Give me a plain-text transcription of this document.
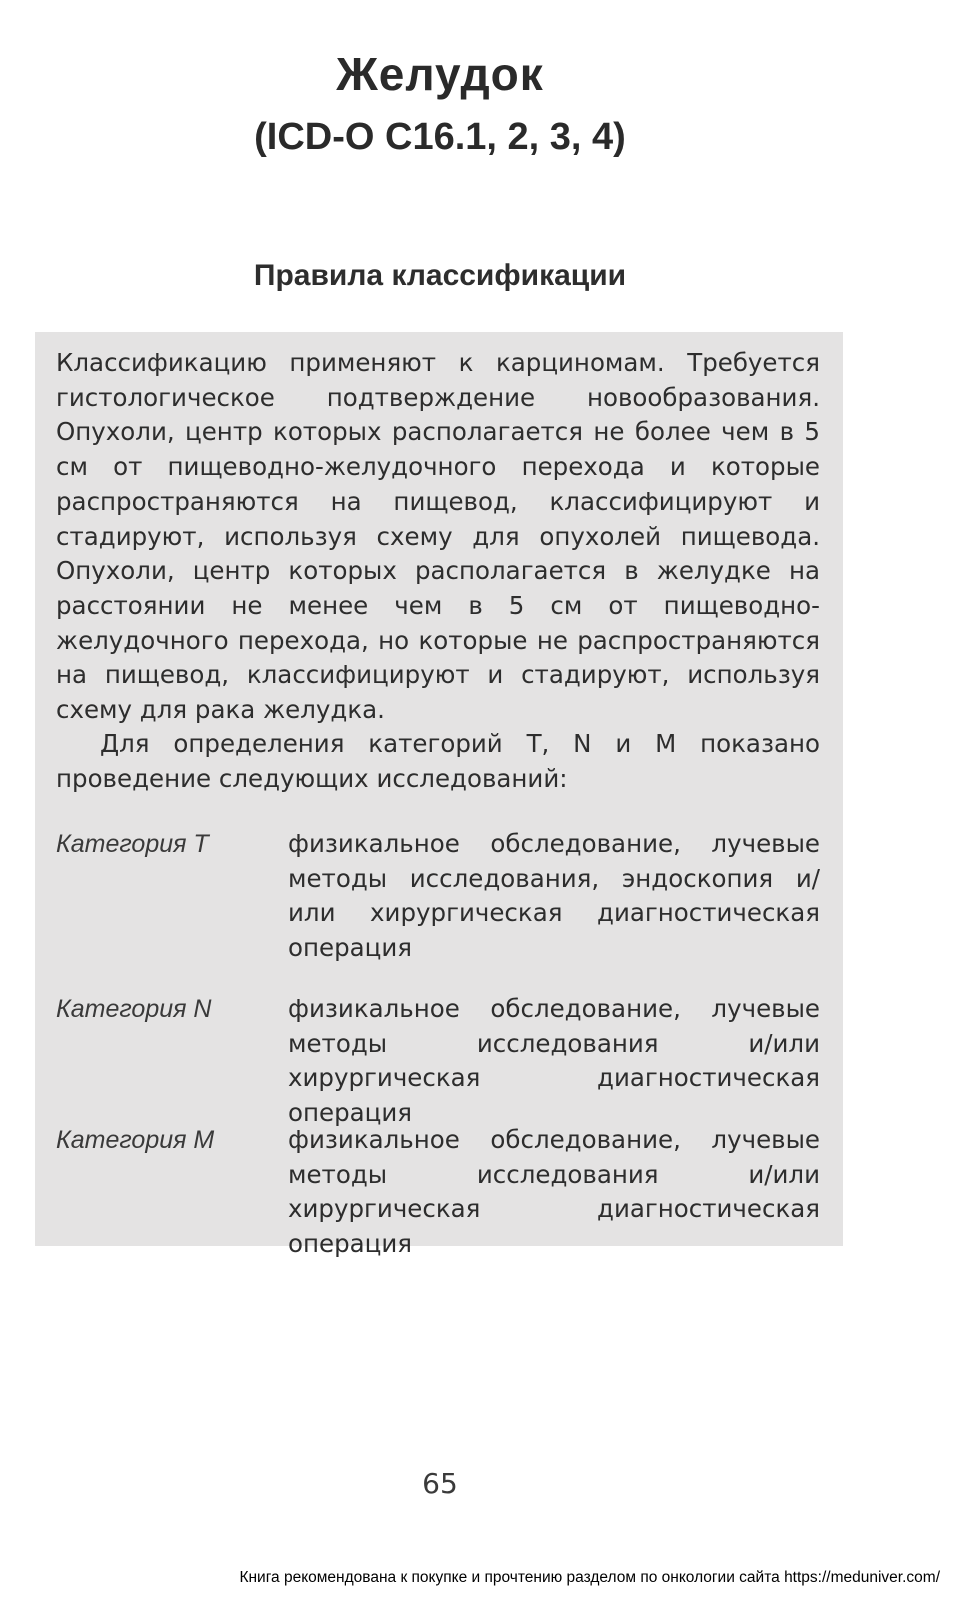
Желудок
(ICD-O C16.1, 2, 3, 4)
Правила классификации

Классификацию применяют к карциномам. Требуется гистологическое подтверждение новообразования. Опухоли, центр которых располагается не более чем в 5 см от пищеводно-желудочного перехода и которые распространяются на пищевод, классифицируют и стадируют, используя схему для опухолей пищевода. Опухоли, центр которых располагается в желудке на расстоянии не менее чем в 5 см от пищеводно-желудочного перехода, но которые не распространяются на пищевод, классифицируют и стадируют, используя схему для рака желудка.

Для определения категорий T, N и M показано проведение следующих исследований:

Категория T	физикальное обследование, лучевые методы исследования, эндоскопия и/или хирургическая диагностическая операция

Категория N	физикальное обследование, лучевые методы исследования и/или хирургическая диагностическая операция

Категория M	физикальное обследование, лучевые методы исследования и/или хирургическая диагностическая операция

65

Книга рекомендована к покупке и прочтению разделом по онкологии сайта https://meduniver.com/
